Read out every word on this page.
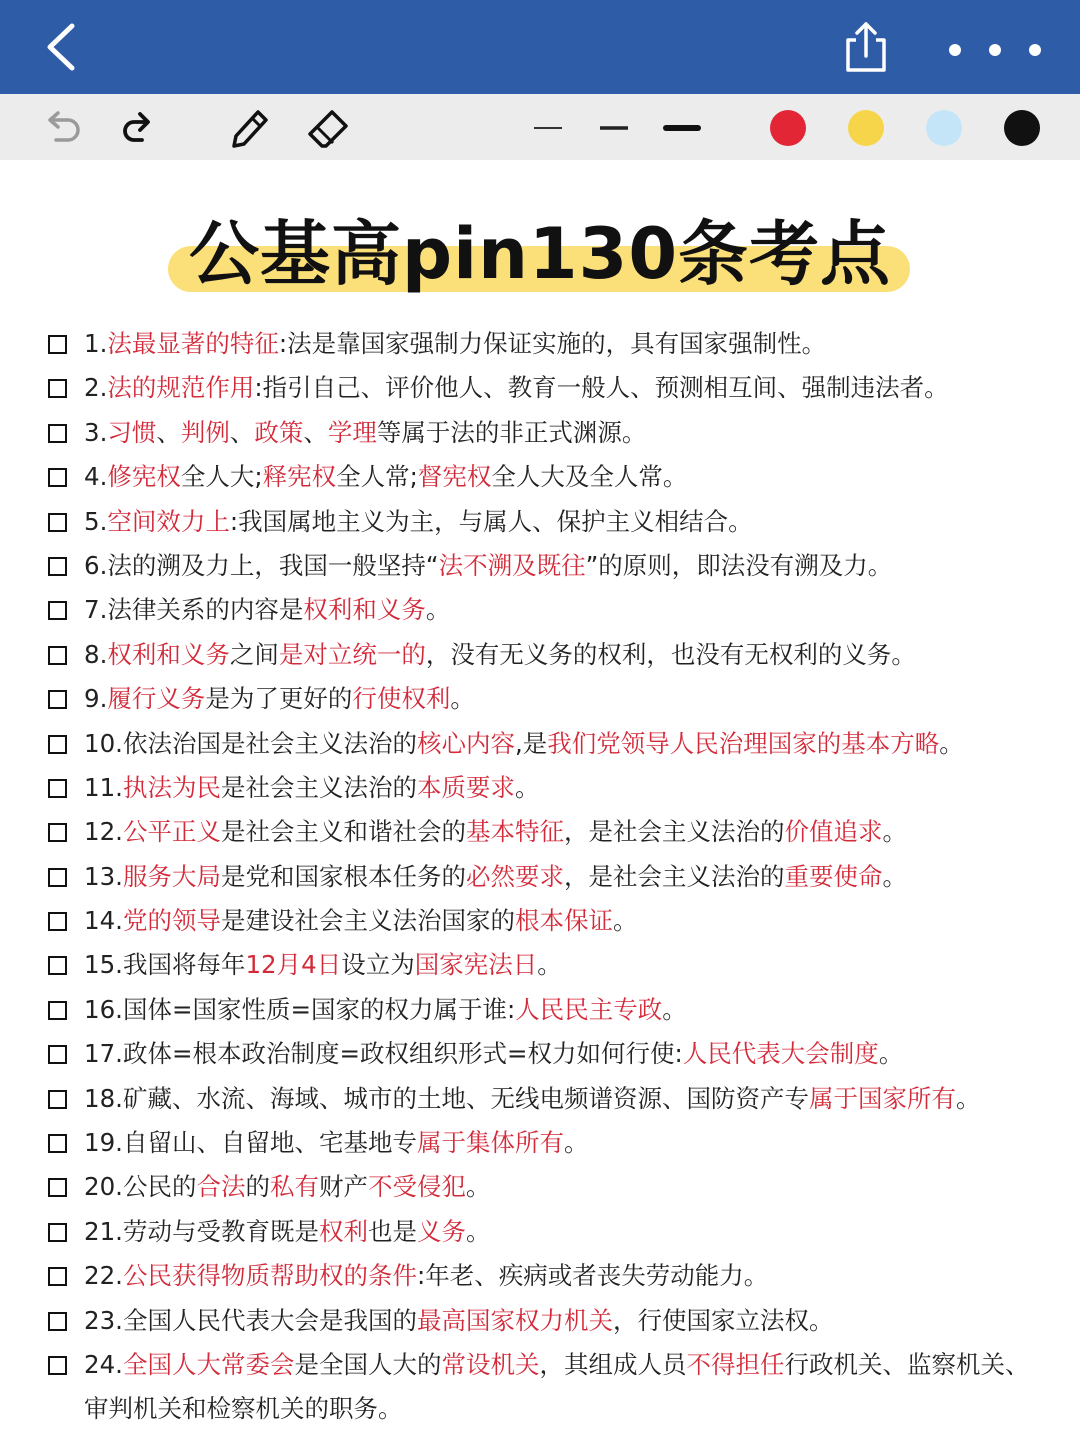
公基高pin130条考点
1.法最显著的特征:法是靠国家强制力保证实施的，具有国家强制性。
2.法的规范作用:指引自己、评价他人、教育一般人、预测相互间、强制违法者。
3.习惯、判例、政策、学理等属于法的非正式渊源。
4.修宪权全人大;释宪权全人常;督宪权全人大及全人常。
5.空间效力上:我国属地主义为主，与属人、保护主义相结合。
6.法的溯及力上，我国一般坚持“法不溯及既往”的原则，即法没有溯及力。
7.法律关系的内容是权利和义务。
8.权利和义务之间是对立统一的，没有无义务的权利，也没有无权利的义务。
9.履行义务是为了更好的行使权利。
10.依法治国是社会主义法治的核心内容,是我们党领导人民治理国家的基本方略。
11.执法为民是社会主义法治的本质要求。
12.公平正义是社会主义和谐社会的基本特征，是社会主义法治的价值追求。
13.服务大局是党和国家根本任务的必然要求，是社会主义法治的重要使命。
14.党的领导是建设社会主义法治国家的根本保证。
15.我国将每年12月4日设立为国家宪法日。
16.国体=国家性质=国家的权力属于谁:人民民主专政。
17.政体=根本政治制度=政权组织形式=权力如何行使:人民代表大会制度。
18.矿藏、水流、海域、城市的土地、无线电频谱资源、国防资产专属于国家所有。
19.自留山、自留地、宅基地专属于集体所有。
20.公民的合法的私有财产不受侵犯。
21.劳动与受教育既是权利也是义务。
22.公民获得物质帮助权的条件:年老、疾病或者丧失劳动能力。
23.全国人民代表大会是我国的最高国家权力机关，行使国家立法权。
24.全国人大常委会是全国人大的常设机关，其组成人员不得担任行政机关、监察机关、审判机关和检察机关的职务。
